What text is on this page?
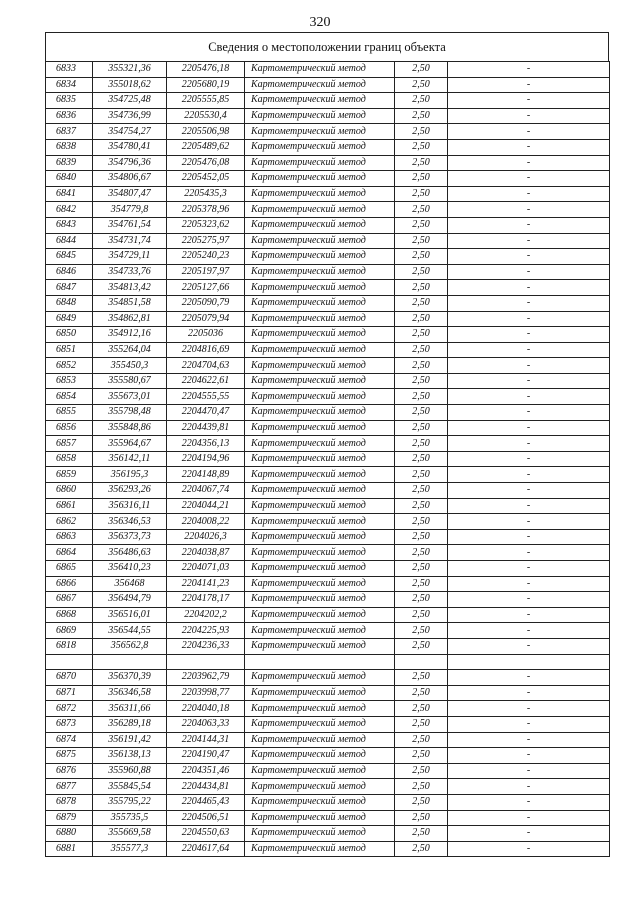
320
Сведения о местоположении границ объекта
6833	355321,36	2205476,18	Картометрический метод	2,50	-
6834	355018,62	2205680,19	Картометрический метод	2,50	-
6835	354725,48	2205555,85	Картометрический метод	2,50	-
6836	354736,99	2205530,4	Картометрический метод	2,50	-
6837	354754,27	2205506,98	Картометрический метод	2,50	-
6838	354780,41	2205489,62	Картометрический метод	2,50	-
6839	354796,36	2205476,08	Картометрический метод	2,50	-
6840	354806,67	2205452,05	Картометрический метод	2,50	-
6841	354807,47	2205435,3	Картометрический метод	2,50	-
6842	354779,8	2205378,96	Картометрический метод	2,50	-
6843	354761,54	2205323,62	Картометрический метод	2,50	-
6844	354731,74	2205275,97	Картометрический метод	2,50	-
6845	354729,11	2205240,23	Картометрический метод	2,50	-
6846	354733,76	2205197,97	Картометрический метод	2,50	-
6847	354813,42	2205127,66	Картометрический метод	2,50	-
6848	354851,58	2205090,79	Картометрический метод	2,50	-
6849	354862,81	2205079,94	Картометрический метод	2,50	-
6850	354912,16	2205036	Картометрический метод	2,50	-
6851	355264,04	2204816,69	Картометрический метод	2,50	-
6852	355450,3	2204704,63	Картометрический метод	2,50	-
6853	355580,67	2204622,61	Картометрический метод	2,50	-
6854	355673,01	2204555,55	Картометрический метод	2,50	-
6855	355798,48	2204470,47	Картометрический метод	2,50	-
6856	355848,86	2204439,81	Картометрический метод	2,50	-
6857	355964,67	2204356,13	Картометрический метод	2,50	-
6858	356142,11	2204194,96	Картометрический метод	2,50	-
6859	356195,3	2204148,89	Картометрический метод	2,50	-
6860	356293,26	2204067,74	Картометрический метод	2,50	-
6861	356316,11	2204044,21	Картометрический метод	2,50	-
6862	356346,53	2204008,22	Картометрический метод	2,50	-
6863	356373,73	2204026,3	Картометрический метод	2,50	-
6864	356486,63	2204038,87	Картометрический метод	2,50	-
6865	356410,23	2204071,03	Картометрический метод	2,50	-
6866	356468	2204141,23	Картометрический метод	2,50	-
6867	356494,79	2204178,17	Картометрический метод	2,50	-
6868	356516,01	2204202,2	Картометрический метод	2,50	-
6869	356544,55	2204225,93	Картометрический метод	2,50	-
6818	356562,8	2204236,33	Картометрический метод	2,50	-

6870	356370,39	2203962,79	Картометрический метод	2,50	-
6871	356346,58	2203998,77	Картометрический метод	2,50	-
6872	356311,66	2204040,18	Картометрический метод	2,50	-
6873	356289,18	2204063,33	Картометрический метод	2,50	-
6874	356191,42	2204144,31	Картометрический метод	2,50	-
6875	356138,13	2204190,47	Картометрический метод	2,50	-
6876	355960,88	2204351,46	Картометрический метод	2,50	-
6877	355845,54	2204434,81	Картометрический метод	2,50	-
6878	355795,22	2204465,43	Картометрический метод	2,50	-
6879	355735,5	2204506,51	Картометрический метод	2,50	-
6880	355669,58	2204550,63	Картометрический метод	2,50	-
6881	355577,3	2204617,64	Картометрический метод	2,50	-
